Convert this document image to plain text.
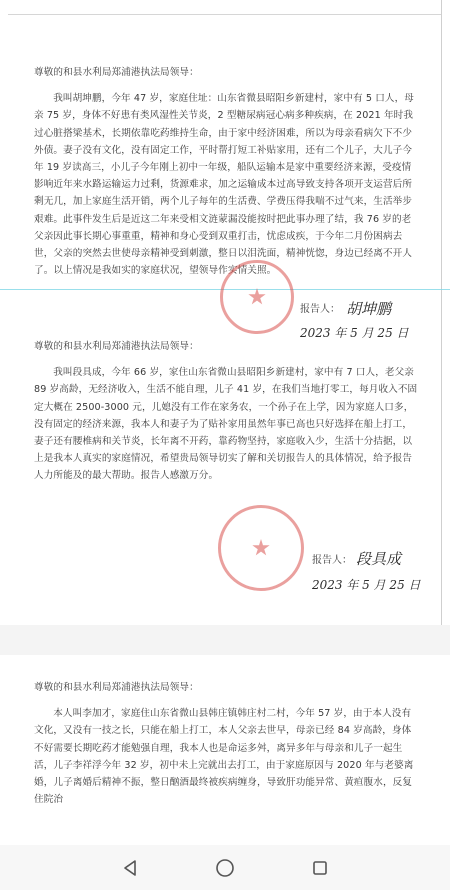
尊敬的和县水利局郑浦港执法局领导：

我叫胡坤鹏，今年 47 岁，家庭住址：山东省微县昭阳乡新建村，家中有 5 口人，母亲 75 岁，身体不好患有类风湿性关节炎，2 型糖尿病冠心病多种疾病，在 2021 年时我过心脏搭梁基术，长期依靠吃药维持生命，由于家中经济困难，所以为母亲看病欠下不少外债。妻子没有文化，没有固定工作，平时帮打短工补贴家用，还有二个儿子，大儿子今年 19 岁读高三，小儿子今年刚上初中一年级，船队运输本是家中重要经济来源，受疫情影响近年来水路运输运力过剩，货源难求，加之运输成本过高导致支持各项开支运营后所剩无几，加上家庭生活开销，两个儿子每年的生活费、学费压得我喘不过气来，生活举步艰难。此事件发生后是近这二年来受相文涟蒙漏没能按时把此事办理了结，我 76 岁的老父亲因此事长期心事重重，精神和身心受到双重打击，忧虑成疾，于今年二月份困病去世，父亲的突然去世使母亲精神受到刺激，整日以泪洗面，精神恍惚，身边已经离不开人了。以上情况是我如实的家庭状况，望领导作实情关照。

报告人： 胡坤鹏
2023 年 5 月 25 日

尊敬的和县水利局郑浦港执法局领导：

我叫段具成，今年 66 岁，家住山东省微山县昭阳乡新建村，家中有 7 口人，老父亲 89 岁高龄，无经济收入，生活不能自理，儿子 41 岁，在我们当地打零工，每月收入不固定大概在 2500-3000 元，儿媳没有工作在家务农，一个孙子在上学，因为家庭人口多，没有固定的经济来源，我本人和妻子为了贴补家用虽然年事已高也只好选择在船上打工，妻子还有腰椎病和关节炎，长年离不开药，靠药物坚持，家庭收入少，生活十分拮据，以上是我本人真实的家庭情况，希望贵局领导切实了解和关切报告人的具体情况，给予报告人力所能及的最大帮助。报告人感激万分。

报告人： 段具成
2023 年 5 月 25 日

尊敬的和县水利局郑浦港执法局领导：

本人叫李加才，家庭住山东省微山县韩庄镇韩庄村二村，今年 57 岁，由于本人没有文化，又没有一技之长，只能在船上打工，本人父亲去世早，母亲已经 84 岁高龄，身体不好需要长期吃药才能勉强自理，我本人也是命运多舛，离异多年与母亲和儿子一起生活，儿子李祥浮今年 32 岁，初中未上完就出去打工，由于家庭原因与 2020 年与老婆离婚，儿子离婚后精神不振，整日酗酒最终被疾病缠身，导致肝功能异常、黄疸腹水，反复住院治
